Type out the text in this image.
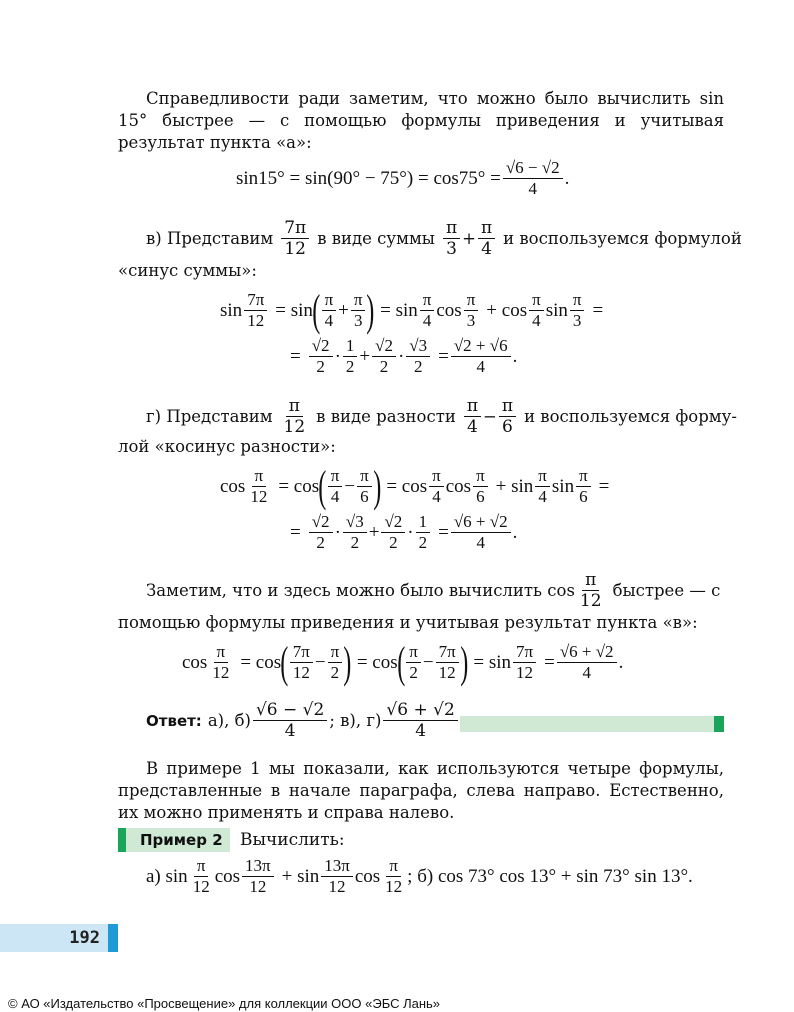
Справедливости ради заметим, что можно было вычислить sin 15° быстрее — с помощью формулы приведения и учитывая результат пункта «а»:
$\sin 15^\circ = \sin(90^\circ - 75^\circ) = \cos 75^\circ = \frac{√6 - √2}{4}$ .
в) Представим $\frac{7\pi}{12}$ в виде суммы $\frac{\pi}{3} + \frac{\pi}{4}$ и воспользуемся формулой
«синус суммы»:
$\sin \frac{7\pi}{12} = \sin$ ( $\frac{\pi}{4} + \frac{\pi}{3}$ ) = $\sin \frac{\pi}{4}$ $\cos \frac{\pi}{3} + \cos \frac{\pi}{4}$ $\sin \frac{\pi}{3}$ =
= $\frac{√2}{2} \cdot \frac{1}{2} + \frac{√2}{2} \cdot \frac{√3}{2} = \frac{√2 + √6}{4}$ .
г) Представим $\frac{\pi}{12}$ в виде разности $\frac{\pi}{4} - \frac{\pi}{6}$ и воспользуемся форму-
лой «косинус разности»:
$\cos \frac{\pi}{12} = \cos$ ( $\frac{\pi}{4} - \frac{\pi}{6}$ ) = $\cos \frac{\pi}{4}$ $\cos \frac{\pi}{6} + \sin \frac{\pi}{4}$ $\sin \frac{\pi}{6}$ =
= $\frac{√2}{2} \cdot \frac{√3}{2} + \frac{√2}{2} \cdot \frac{1}{2} = \frac{√6 + √2}{4}$ .
Заметим, что и здесь можно было вычислить $\cos \frac{\pi}{12}$ быстрее — с
помощью формулы приведения и учитывая результат пункта «в»:
$\cos \frac{\pi}{12} = \cos$ ( $\frac{7\pi}{12} - \frac{\pi}{2}$ ) = cos ( $\frac{\pi}{2} - \frac{7\pi}{12}$ ) = $\sin \frac{7\pi}{12} = \frac{√6 + √2}{4}$ .
Ответ: а), $б) \frac{√6 - √2}{4}$ ; в), $г) \frac{√6 + √2}{4}$
В примере 1 мы показали, как используются четыре формулы, представленные в начале параграфа, слева направо. Естественно, их можно применять и справа налево.
Пример 2	Вычислить:
а) $\sin \frac{\pi}{12}$ $\cos \frac{13\pi}{12} + \sin \frac{13\pi}{12}$ $\cos \frac{\pi}{12}$ ; б) cos 73° cos 13° + sin 73° sin 13°.
192
© АО «Издательство «Просвещение» для коллекции ООО «ЭБС Лань»
